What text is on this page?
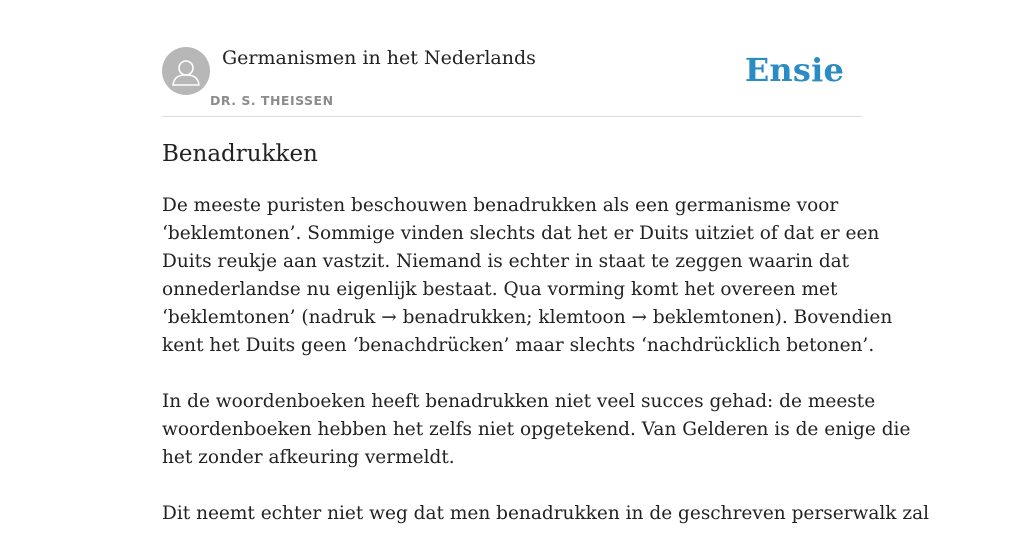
Germanismen in het Nederlands
DR. S. THEISSEN
Ensie
Benadrukken

De meeste puristen beschouwen benadrukken als een germanisme voor
‘beklemtonen’. Sommige vinden slechts dat het er Duits uitziet of dat er een
Duits reukje aan vastzit. Niemand is echter in staat te zeggen waarin dat
onnederlandse nu eigenlijk bestaat. Qua vorming komt het overeen met
‘beklemtonen’ (nadruk → benadrukken; klemtoon → beklemtonen). Bovendien
kent het Duits geen ‘benachdrücken’ maar slechts ‘nachdrücklich betonen’.

In de woordenboeken heeft benadrukken niet veel succes gehad: de meeste
woordenboeken hebben het zelfs niet opgetekend. Van Gelderen is de enige die
het zonder afkeuring vermeldt.

Dit neemt echter niet weg dat men benadrukken in de geschreven perserwalk zal
